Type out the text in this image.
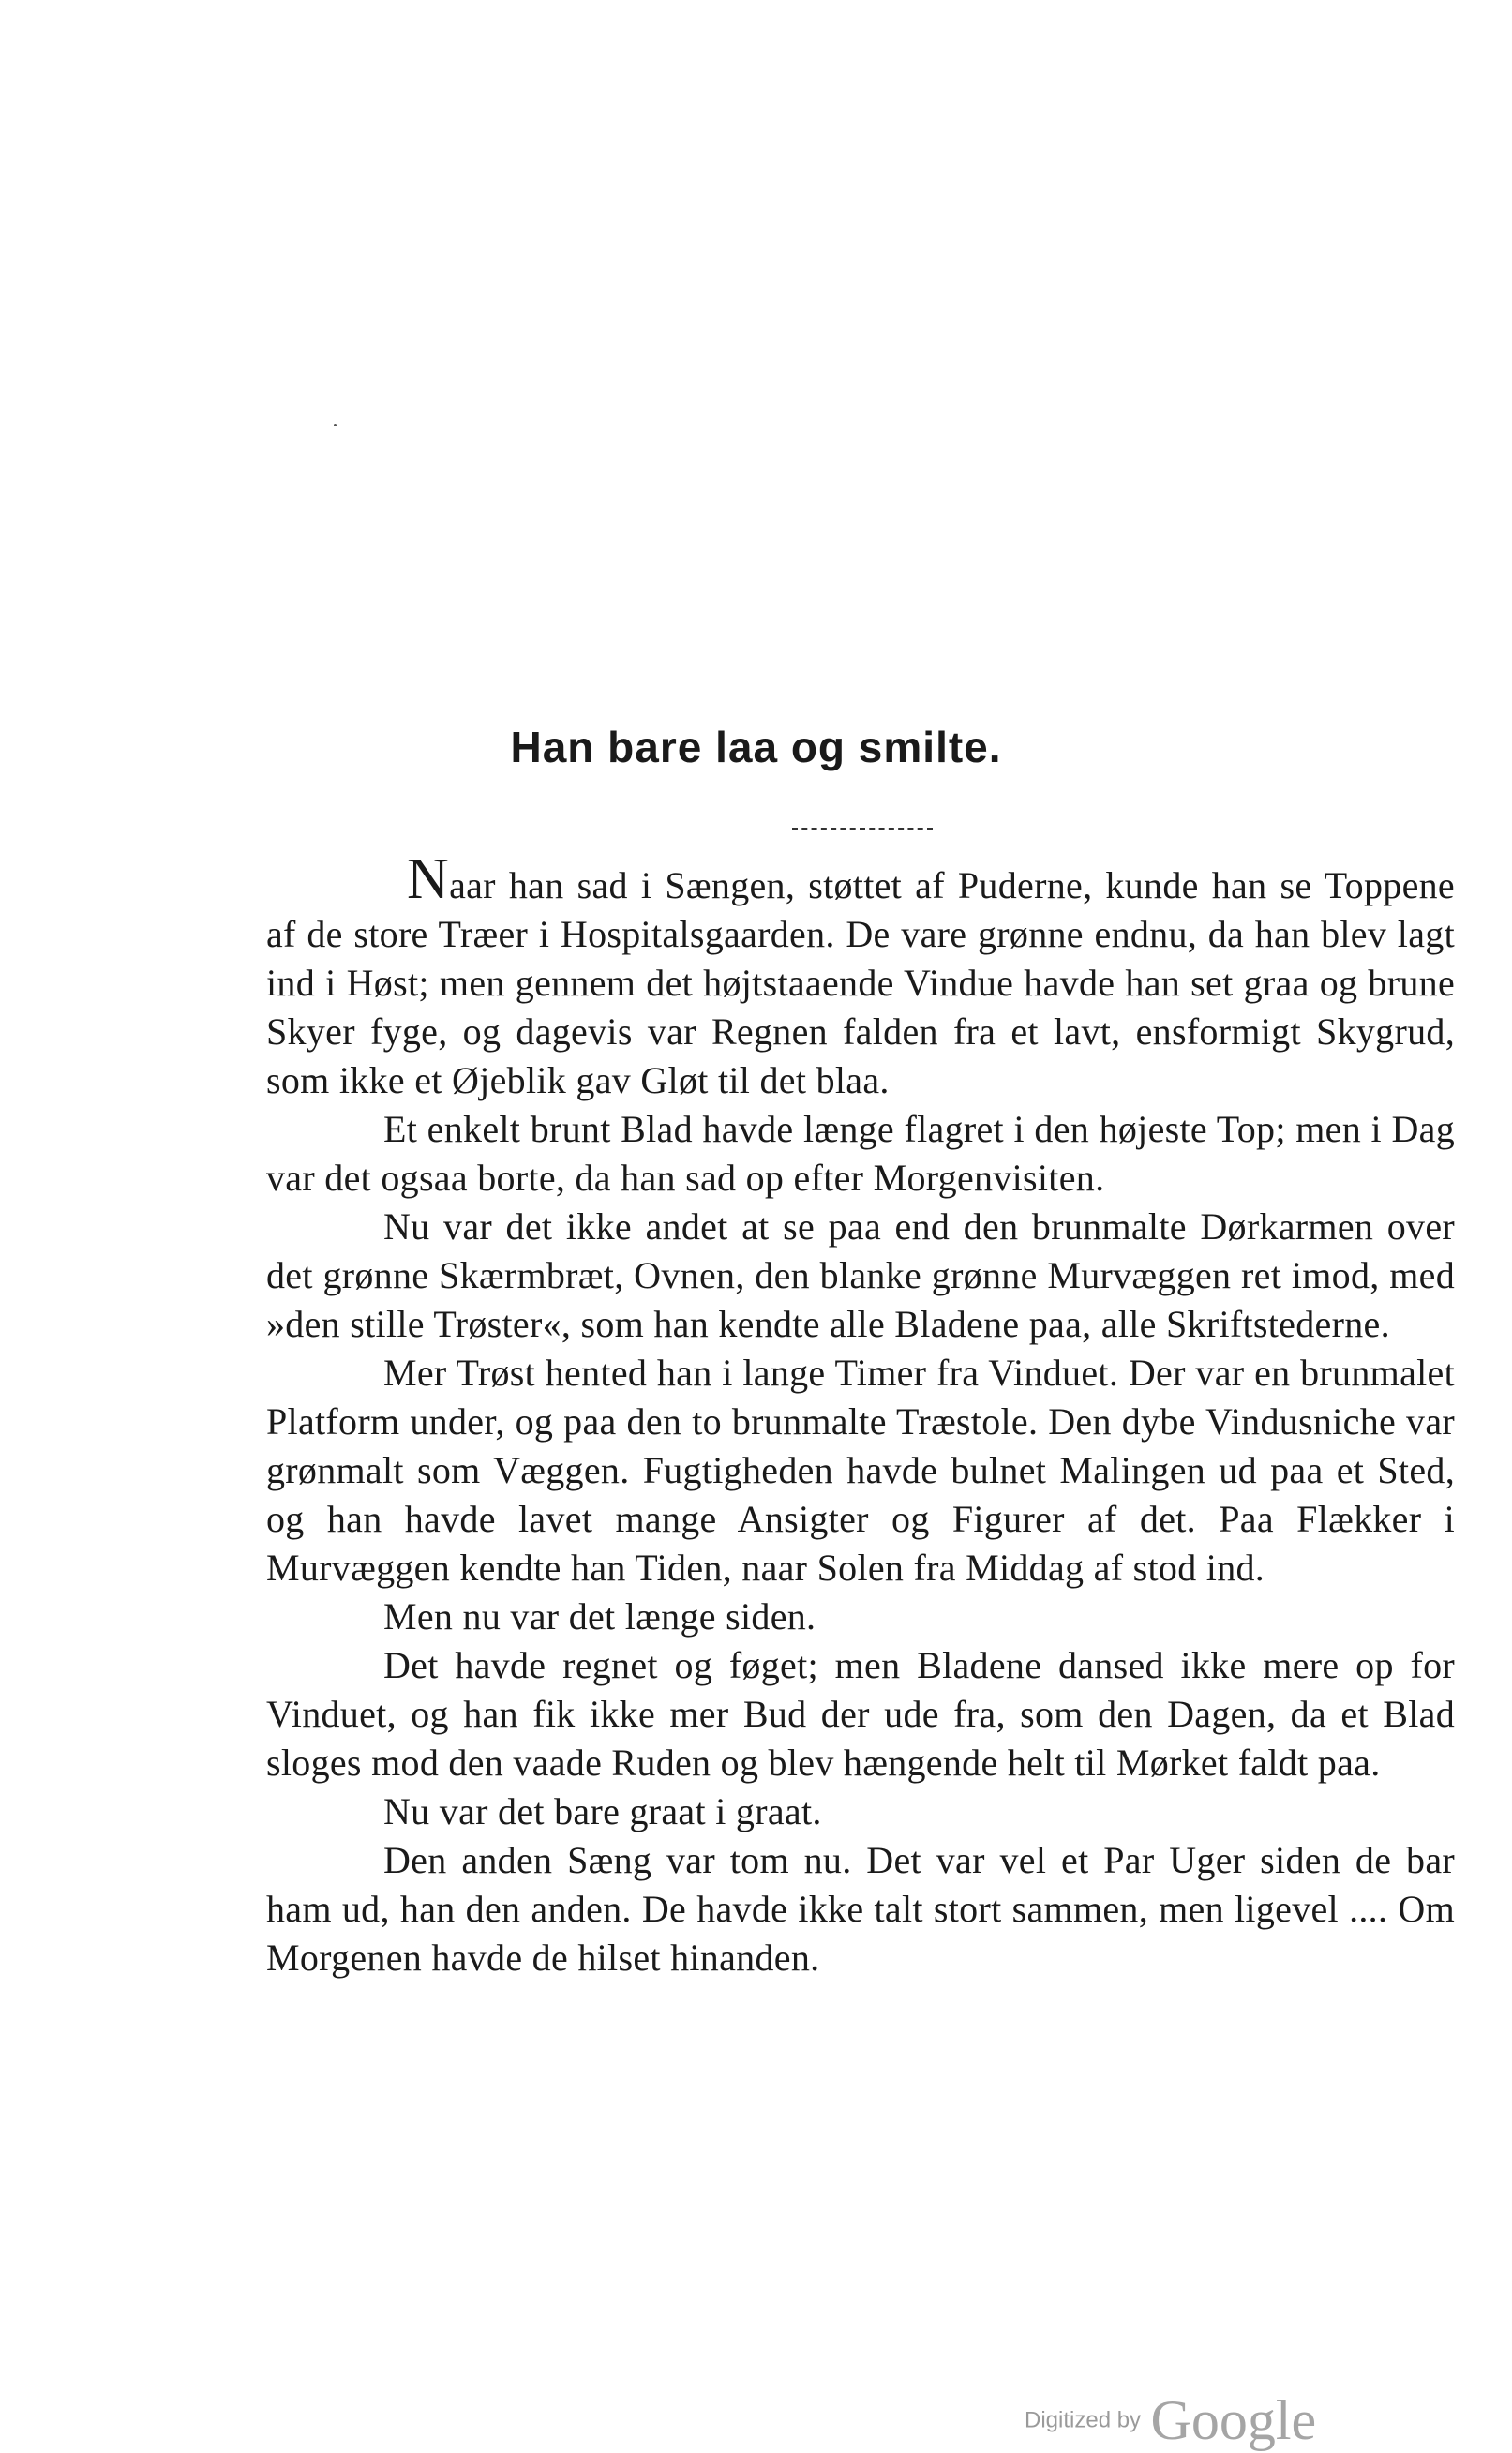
Han bare laa og smilte.

Naar han sad i Sængen, støttet af Puderne, kunde han se Toppene af de store Træer i Hospitalsgaarden. De vare grønne endnu, da han blev lagt ind i Høst; men gennem det højtstaaende Vindue havde han set graa og brune Skyer fyge, og dagevis var Regnen falden fra et lavt, ensformigt Skygrud, som ikke et Øjeblik gav Gløt til det blaa.

Et enkelt brunt Blad havde længe flagret i den højeste Top; men i Dag var det ogsaa borte, da han sad op efter Morgenvisiten.

Nu var det ikke andet at se paa end den brunmalte Dørkarmen over det grønne Skærmbræt, Ovnen, den blanke grønne Murvæggen ret imod, med »den stille Trøster«, som han kendte alle Bladene paa, alle Skriftstederne.

Mer Trøst hented han i lange Timer fra Vinduet. Der var en brunmalet Platform under, og paa den to brunmalte Træstole. Den dybe Vindusniche var grønmalt som Væggen. Fugtigheden havde bulnet Malingen ud paa et Sted, og han havde lavet mange Ansigter og Figurer af det. Paa Flækker i Murvæggen kendte han Tiden, naar Solen fra Middag af stod ind.

Men nu var det længe siden.

Det havde regnet og føget; men Bladene dansed ikke mere op for Vinduet, og han fik ikke mer Bud der ude fra, som den Dagen, da et Blad sloges mod den vaade Ruden og blev hængende helt til Mørket faldt paa.

Nu var det bare graat i graat.

Den anden Sæng var tom nu. Det var vel et Par Uger siden de bar ham ud, han den anden. De havde ikke talt stort sammen, men ligevel .... Om Morgenen havde de hilset hinanden.

Digitized by Google
